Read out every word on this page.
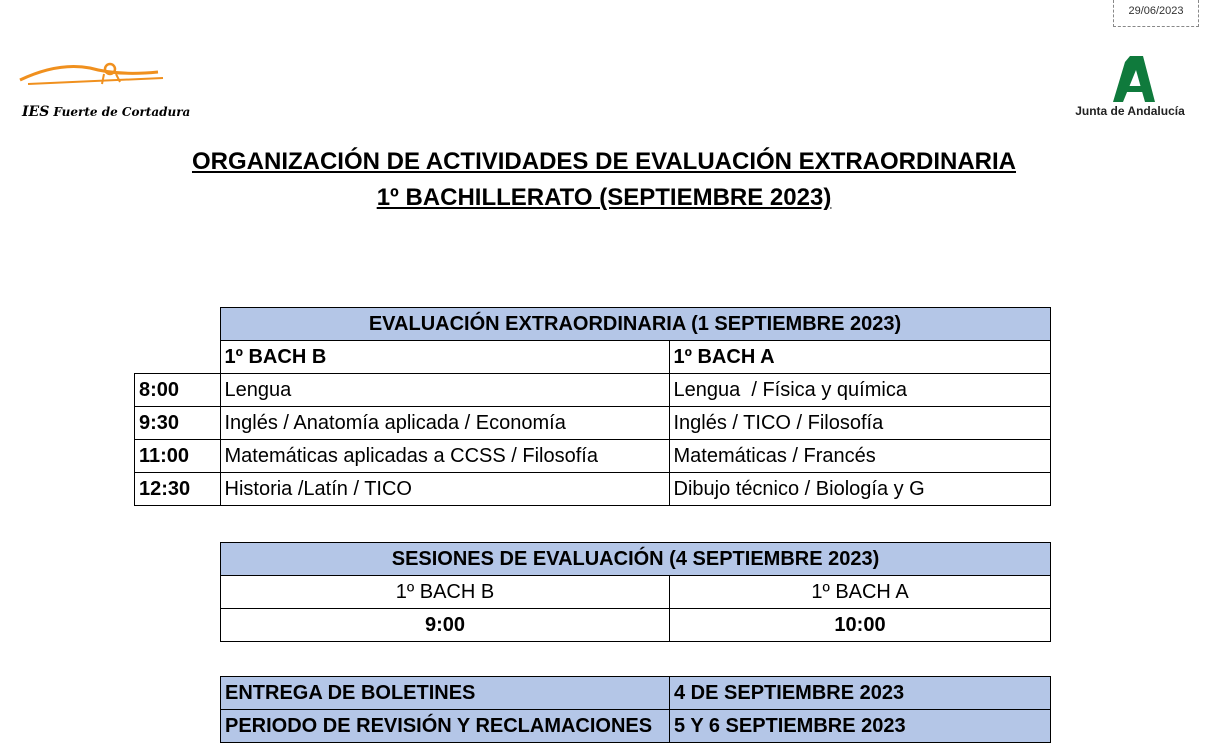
29/06/2023
IES Fuerte de Cortadura	Junta de Andalucía
ORGANIZACIÓN DE ACTIVIDADES DE EVALUACIÓN EXTRAORDINARIA
1º BACHILLERATO (SEPTIEMBRE 2023)
	EVALUACIÓN EXTRAORDINARIA (1 SEPTIEMBRE 2023)	
	1º BACH B	1º BACH A
8:00	Lengua	Lengua  / Física y química
9:30	Inglés / Anatomía aplicada / Economía	Inglés / TICO / Filosofía
11:00	Matemáticas aplicadas a CCSS / Filosofía	Matemáticas / Francés
12:30	Historia /Latín / TICO	Dibujo técnico / Biología y G
SESIONES DE EVALUACIÓN (4 SEPTIEMBRE 2023)	
1º BACH B	1º BACH A
9:00	10:00
ENTREGA DE BOLETINES	4 DE SEPTIEMBRE 2023
PERIODO DE REVISIÓN Y RECLAMACIONES	5 Y 6 SEPTIEMBRE 2023
